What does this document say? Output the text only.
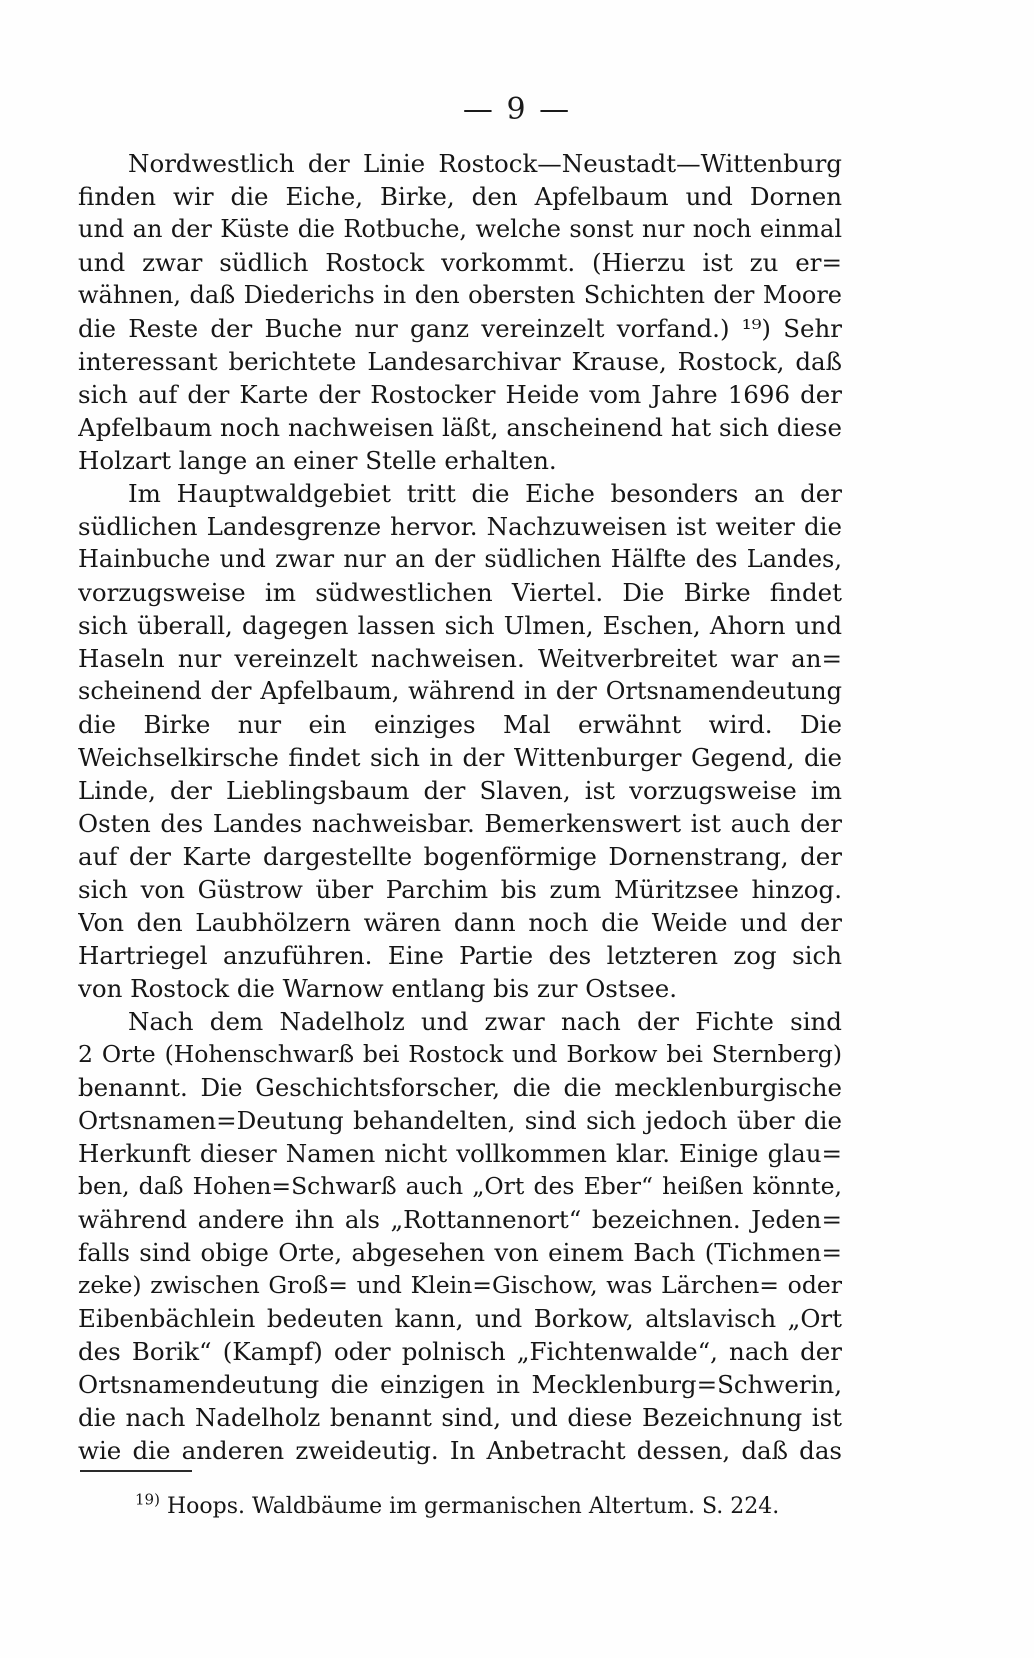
— 9 —
Nordwestlich der Linie Rostock—Neustadt—Wittenburg
finden wir die Eiche, Birke, den Apfelbaum und Dornen
und an der Küste die Rotbuche, welche sonst nur noch einmal
und zwar südlich Rostock vorkommt. (Hierzu ist zu er=
wähnen, daß Diederichs in den obersten Schichten der Moore
die Reste der Buche nur ganz vereinzelt vorfand.) ¹⁹) Sehr
interessant berichtete Landesarchivar Krause, Rostock, daß
sich auf der Karte der Rostocker Heide vom Jahre 1696 der
Apfelbaum noch nachweisen läßt, anscheinend hat sich diese
Holzart lange an einer Stelle erhalten.
Im Hauptwaldgebiet tritt die Eiche besonders an der
südlichen Landesgrenze hervor. Nachzuweisen ist weiter die
Hainbuche und zwar nur an der südlichen Hälfte des Landes,
vorzugsweise im südwestlichen Viertel. Die Birke findet
sich überall, dagegen lassen sich Ulmen, Eschen, Ahorn und
Haseln nur vereinzelt nachweisen. Weitverbreitet war an=
scheinend der Apfelbaum, während in der Ortsnamendeutung
die Birke nur ein einziges Mal erwähnt wird. Die
Weichselkirsche findet sich in der Wittenburger Gegend, die
Linde, der Lieblingsbaum der Slaven, ist vorzugsweise im
Osten des Landes nachweisbar. Bemerkenswert ist auch der
auf der Karte dargestellte bogenförmige Dornenstrang, der
sich von Güstrow über Parchim bis zum Müritzsee hinzog.
Von den Laubhölzern wären dann noch die Weide und der
Hartriegel anzuführen. Eine Partie des letzteren zog sich
von Rostock die Warnow entlang bis zur Ostsee.
Nach dem Nadelholz und zwar nach der Fichte sind
2 Orte (Hohenschwarß bei Rostock und Borkow bei Sternberg)
benannt. Die Geschichtsforscher, die die mecklenburgische
Ortsnamen=Deutung behandelten, sind sich jedoch über die
Herkunft dieser Namen nicht vollkommen klar. Einige glau=
ben, daß Hohen=Schwarß auch „Ort des Eber“ heißen könnte,
während andere ihn als „Rottannenort“ bezeichnen. Jeden=
falls sind obige Orte, abgesehen von einem Bach (Tichmen=
zeke) zwischen Groß= und Klein=Gischow, was Lärchen= oder
Eibenbächlein bedeuten kann, und Borkow, altslavisch „Ort
des Borik“ (Kampf) oder polnisch „Fichtenwalde“, nach der
Ortsnamendeutung die einzigen in Mecklenburg=Schwerin,
die nach Nadelholz benannt sind, und diese Bezeichnung ist
wie die anderen zweideutig. In Anbetracht dessen, daß das
$^{19)}$ Hoops. Waldbäume im germanischen Altertum. S. 224.
